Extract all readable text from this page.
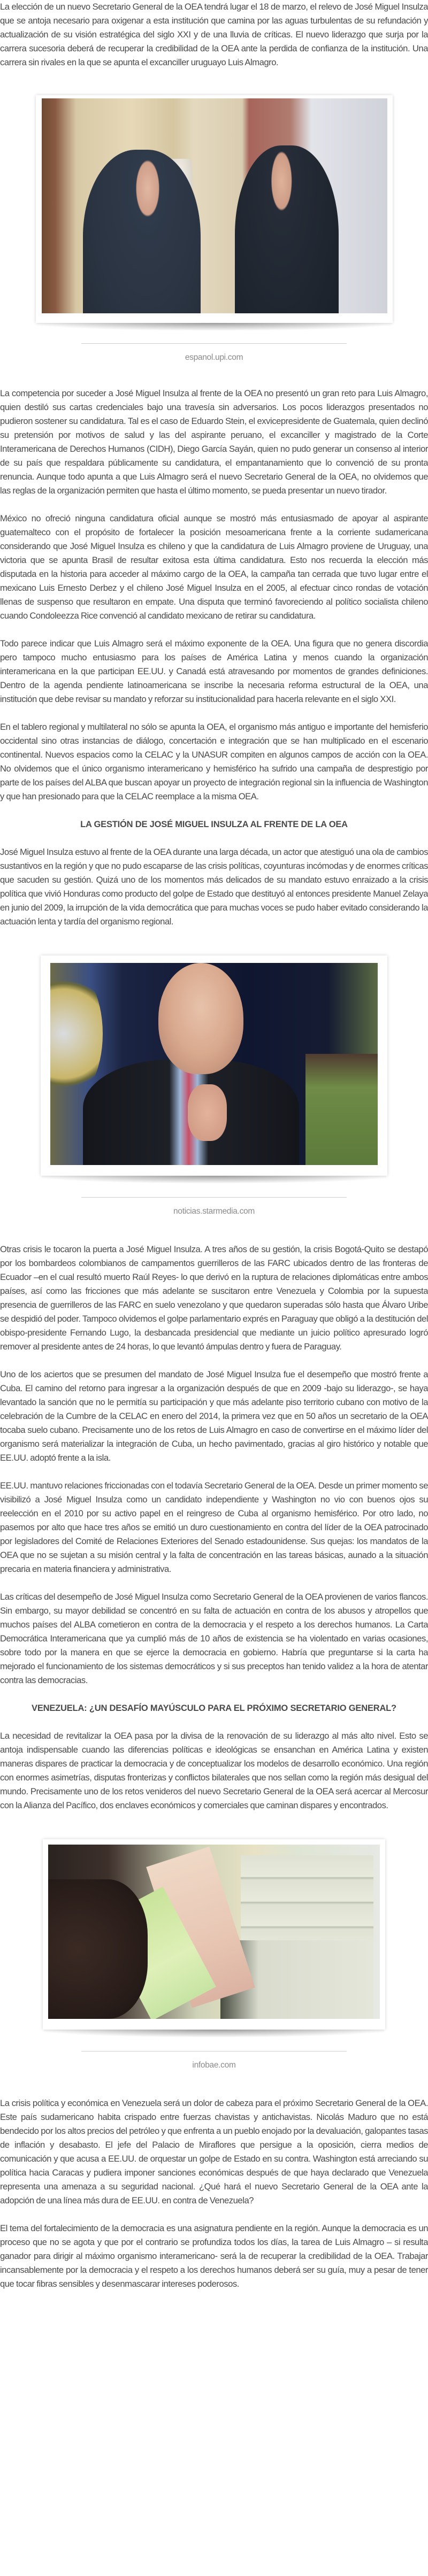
La elección de un nuevo Secretario General de la OEA tendrá lugar el 18 de marzo, el relevo de José Miguel Insulza que se antoja necesario para oxigenar a esta institución que camina por las aguas turbulentas de su refundación y actualización de su visión estratégica del siglo XXI y de una lluvia de críticas. El nuevo liderazgo que surja por la carrera sucesoria deberá de recuperar la credibilidad de la OEA ante la perdida de confianza de la institución. Una carrera sin rivales en la que se apunta el excanciller uruguayo Luis Almagro.

espanol.upi.com

La competencia por suceder a José Miguel Insulza al frente de la OEA no presentó un gran reto para Luis Almagro, quien destiló sus cartas credenciales bajo una travesía sin adversarios. Los pocos liderazgos presentados no pudieron sostener su candidatura. Tal es el caso de Eduardo Stein, el exvicepresidente de Guatemala, quien declinó su pretensión por motivos de salud y las del aspirante peruano, el excanciller y magistrado de la Corte Interamericana de Derechos Humanos (CIDH), Diego García Sayán, quien no pudo generar un consenso al interior de su país que respaldara públicamente su candidatura, el empantanamiento que lo convenció de su pronta renuncia. Aunque todo apunta a que Luis Almagro será el nuevo Secretario General de la OEA, no olvidemos que las reglas de la organización permiten que hasta el último momento, se pueda presentar un nuevo tirador.

México no ofreció ninguna candidatura oficial aunque se mostró más entusiasmado de apoyar al aspirante guatemalteco con el propósito de fortalecer la posición mesoamericana frente a la corriente sudamericana considerando que José Miguel Insulza es chileno y que la candidatura de Luis Almagro proviene de Uruguay, una victoria que se apunta Brasil de resultar exitosa esta última candidatura. Esto nos recuerda la elección más disputada en la historia para acceder al máximo cargo de la OEA, la campaña tan cerrada que tuvo lugar entre el mexicano Luis Ernesto Derbez y el chileno José Miguel Insulza en el 2005, al efectuar cinco rondas de votación llenas de suspenso que resultaron en empate. Una disputa que terminó favoreciendo al político socialista chileno cuando Condoleezza Rice convenció al candidato mexicano de retirar su candidatura.

Todo parece indicar que Luis Almagro será el máximo exponente de la OEA. Una figura que no genera discordia pero tampoco mucho entusiasmo para los países de América Latina y menos cuando la organización interamericana en la que participan EE.UU. y Canadá está atravesando por momentos de grandes definiciones. Dentro de la agenda pendiente latinoamericana se inscribe la necesaria reforma estructural de la OEA, una institución que debe revisar su mandato y reforzar su institucionalidad para hacerla relevante en el siglo XXI.

En el tablero regional y multilateral no sólo se apunta la OEA, el organismo más antiguo e importante del hemisferio occidental sino otras instancias de diálogo, concertación e integración que se han multiplicado en el escenario continental. Nuevos espacios como la CELAC y la UNASUR compiten en algunos campos de acción con la OEA. No olvidemos que el único organismo interamericano y hemisférico ha sufrido una campaña de desprestigio por parte de los países del ALBA que buscan apoyar un proyecto de integración regional sin la influencia de Washington y que han presionado para que la CELAC reemplace a la misma OEA.

LA GESTIÓN DE JOSÉ MIGUEL INSULZA AL FRENTE DE LA OEA

José Miguel Insulza estuvo al frente de la OEA durante una larga década, un actor que atestiguó una ola de cambios sustantivos en la región y que no pudo escaparse de las crisis políticas, coyunturas incómodas y de enormes críticas que sacuden su gestión. Quizá uno de los momentos más delicados de su mandato estuvo enraizado a la crisis política que vivió Honduras como producto del golpe de Estado que destituyó al entonces presidente Manuel Zelaya en junio del 2009, la irrupción de la vida democrática que para muchas voces se pudo haber evitado considerando la actuación lenta y tardía del organismo regional.

noticias.starmedia.com

Otras crisis le tocaron la puerta a José Miguel Insulza. A tres años de su gestión, la crisis Bogotá-Quito se destapó por los bombardeos colombianos de campamentos guerrilleros de las FARC ubicados dentro de las fronteras de Ecuador –en el cual resultó muerto Raúl Reyes- lo que derivó en la ruptura de relaciones diplomáticas entre ambos países, así como las fricciones que más adelante se suscitaron entre Venezuela y Colombia por la supuesta presencia de guerrilleros de las FARC en suelo venezolano y que quedaron superadas sólo hasta que Álvaro Uribe se despidió del poder. Tampoco olvidemos el golpe parlamentario exprés en Paraguay que obligó a la destitución del obispo-presidente Fernando Lugo, la desbancada presidencial que mediante un juicio político apresurado logró remover al presidente antes de 24 horas, lo que levantó ámpulas dentro y fuera de Paraguay.

Uno de los aciertos que se presumen del mandato de José Miguel Insulza fue el desempeño que mostró frente a Cuba. El camino del retorno para ingresar a la organización después de que en 2009 -bajo su liderazgo-, se haya levantado la sanción que no le permitía su participación y que más adelante piso territorio cubano con motivo de la celebración de la Cumbre de la CELAC en enero del 2014, la primera vez que en 50 años un secretario de la OEA tocaba suelo cubano. Precisamente uno de los retos de Luis Almagro en caso de convertirse en el máximo líder del organismo será materializar la integración de Cuba, un hecho pavimentado, gracias al giro histórico y notable que EE.UU. adoptó frente a la isla.

EE.UU. mantuvo relaciones friccionadas con el todavía Secretario General de la OEA. Desde un primer momento se visibilizó a José Miguel Insulza como un candidato independiente y Washington no vio con buenos ojos su reelección en el 2010 por su activo papel en el reingreso de Cuba al organismo hemisférico. Por otro lado, no pasemos por alto que hace tres años se emitió un duro cuestionamiento en contra del líder de la OEA patrocinado por legisladores del Comité de Relaciones Exteriores del Senado estadounidense. Sus quejas: los mandatos de la OEA que no se sujetan a su misión central y la falta de concentración en las tareas básicas, aunado a la situación precaria en materia financiera y administrativa.

Las críticas del desempeño de José Miguel Insulza como Secretario General de la OEA provienen de varios flancos. Sin embargo, su mayor debilidad se concentró en su falta de actuación en contra de los abusos y atropellos que muchos países del ALBA cometieron en contra de la democracia y el respeto a los derechos humanos. La Carta Democrática Interamericana que ya cumplió más de 10 años de existencia se ha violentado en varias ocasiones, sobre todo por la manera en que se ejerce la democracia en gobierno. Habría que preguntarse si la carta ha mejorado el funcionamiento de los sistemas democráticos y si sus preceptos han tenido validez a la hora de atentar contra las democracias.

VENEZUELA: ¿UN DESAFÍO MAYÚSCULO PARA EL PRÓXIMO SECRETARIO GENERAL?

La necesidad de revitalizar la OEA pasa por la divisa de la renovación de su liderazgo al más alto nivel. Esto se antoja indispensable cuando las diferencias políticas e ideológicas se ensanchan en América Latina y existen maneras dispares de practicar la democracia y de conceptualizar los modelos de desarrollo económico. Una región con enormes asimetrías, disputas fronterizas y conflictos bilaterales que nos sellan como la región más desigual del mundo. Precisamente uno de los retos venideros del nuevo Secretario General de la OEA será acercar al Mercosur con la Alianza del Pacífico, dos enclaves económicos y comerciales que caminan dispares y encontrados.

infobae.com

La crisis política y económica en Venezuela será un dolor de cabeza para el próximo Secretario General de la OEA. Este país sudamericano habita crispado entre fuerzas chavistas y antichavistas. Nicolás Maduro que no está bendecido por los altos precios del petróleo y que enfrenta a un pueblo enojado por la devaluación, galopantes tasas de inflación y desabasto. El jefe del Palacio de Miraflores que persigue a la oposición, cierra medios de comunicación y que acusa a EE.UU. de orquestar un golpe de Estado en su contra. Washington está arreciando su política hacia Caracas y pudiera imponer sanciones económicas después de que haya declarado que Venezuela representa una amenaza a su seguridad nacional. ¿Qué hará el nuevo Secretario General de la OEA ante la adopción de una línea más dura de EE.UU. en contra de Venezuela?

El tema del fortalecimiento de la democracia es una asignatura pendiente en la región. Aunque la democracia es un proceso que no se agota y que por el contrario se profundiza todos los días, la tarea de Luis Almagro – si resulta ganador para dirigir al máximo organismo interamericano- será la de recuperar la credibilidad de la OEA. Trabajar incansablemente por la democracia y el respeto a los derechos humanos deberá ser su guía, muy a pesar de tener que tocar fibras sensibles y desenmascarar intereses poderosos.
